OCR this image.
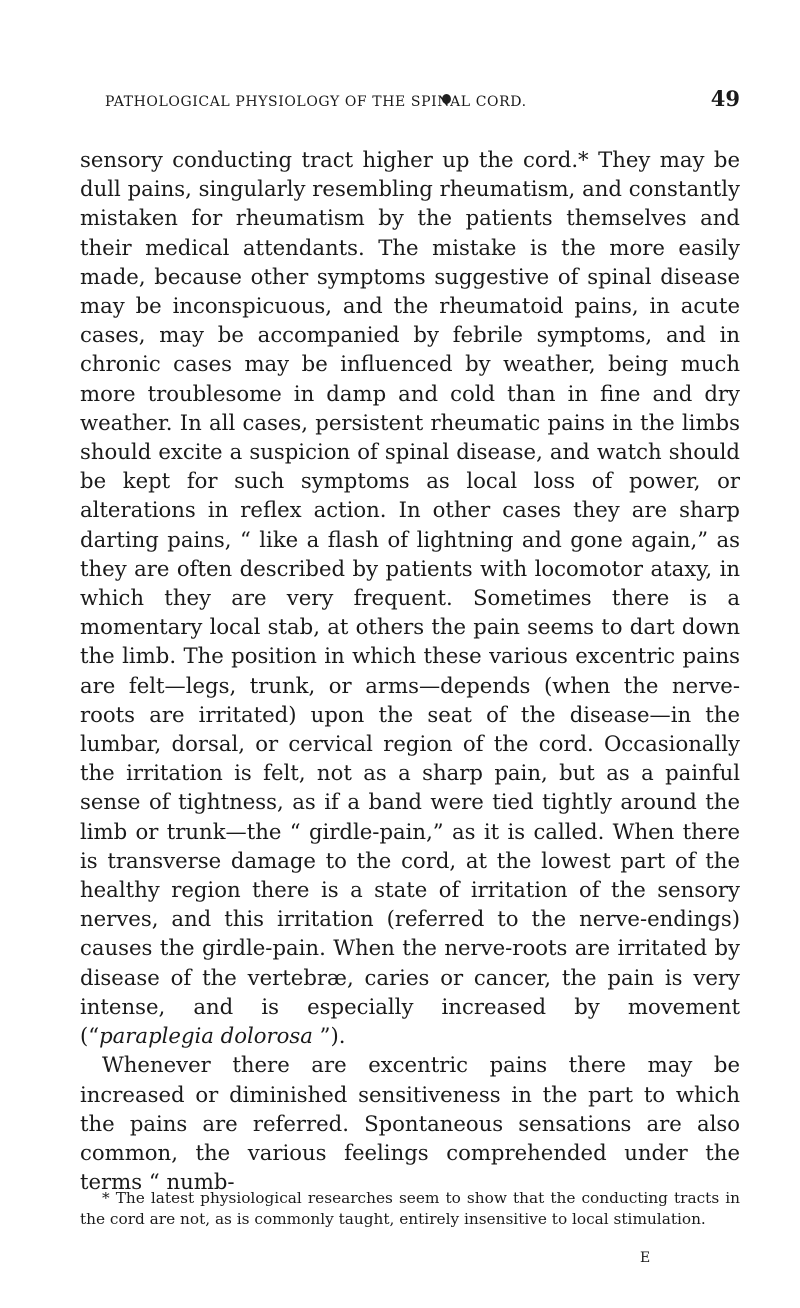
PATHOLOGICAL PHYSIOLOGY OF THE SPINAL CORD.	49

sensory conducting tract higher up the cord.* They may be dull pains, singularly resembling rheumatism, and constantly mistaken for rheumatism by the patients themselves and their medical attendants. The mistake is the more easily made, because other symptoms suggestive of spinal disease may be inconspicuous, and the rheumatoid pains, in acute cases, may be accompanied by febrile symptoms, and in chronic cases may be influenced by weather, being much more troublesome in damp and cold than in fine and dry weather. In all cases, persistent rheumatic pains in the limbs should excite a suspicion of spinal disease, and watch should be kept for such symptoms as local loss of power, or alterations in reflex action. In other cases they are sharp darting pains, “ like a flash of lightning and gone again,” as they are often described by patients with locomotor ataxy, in which they are very frequent. Sometimes there is a momentary local stab, at others the pain seems to dart down the limb. The position in which these various excentric pains are felt—legs, trunk, or arms—depends (when the nerve-roots are irritated) upon the seat of the disease—in the lumbar, dorsal, or cervical region of the cord. Occasionally the irritation is felt, not as a sharp pain, but as a painful sense of tightness, as if a band were tied tightly around the limb or trunk—the “ girdle-pain,” as it is called. When there is transverse damage to the cord, at the lowest part of the healthy region there is a state of irritation of the sensory nerves, and this irritation (referred to the nerve-endings) causes the girdle-pain. When the nerve-roots are irritated by disease of the vertebræ, caries or cancer, the pain is very intense, and is especially increased by movement (“paraplegia dolorosa ”).

Whenever there are excentric pains there may be increased or diminished sensitiveness in the part to which the pains are referred. Spontaneous sensations are also common, the various feelings comprehended under the terms “ numb-

* The latest physiological researches seem to show that the conducting tracts in the cord are not, as is commonly taught, entirely insensitive to local stimulation.

E
